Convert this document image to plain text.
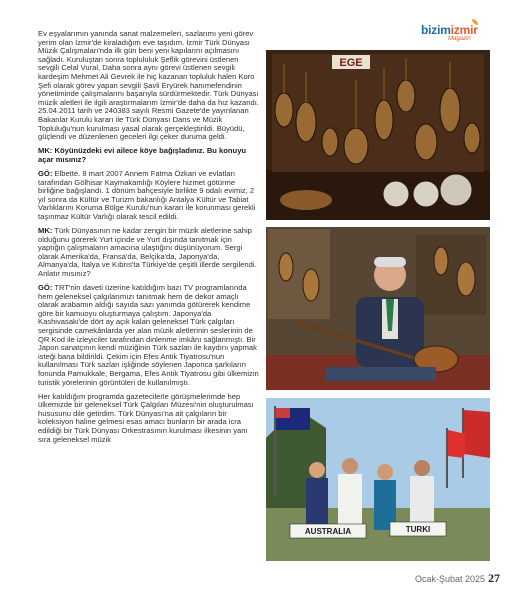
bizimizmir
Magazin

Ev eşyalarımın yanında sanat malzemeleri, sazlarımı yeni görev yerim olan İzmir'de kiraladığım eve taşıdım. İzmir Türk Dünyası Müzik Çalışmaları'nda ilk gün beni yeni kapılarını açılmasını sağladı. Kuruluştan sonra toplululuk Şeflik görevini üstlenen sevgili Celal Vural, Daha sonra aynı görevi üstlenen sevgili kardeşim Mehmet Ali Gevrek ile hiç kazanan topluluk halen Koro Şefi olarak görev yapan sevgili Şavli Eryürek hanımefendinin yönetiminde çalışmalarını başarıyla sürdürmektedir. Türk Dünyası müzik aletleri ile ilgili araştırmalarım İzmir'de daha da hız kazandı. 25.04.2011 tarih ve 240383 sayılı Resmi Gazete'de yayınlanan Bakanlar Kurulu kararı ile Türk Dünyası Dans ve Müzik Topluluğu'nun kurulması yasal olarak gerçekleştirildi. Büyüdü, güçlendi ve düzenlenen geceleri ilgi çeker duruma geldi.

MK: Köyünüzdeki evi ailece köye bağışladınız. Bu konuyu açar mısınız?

GÖ: Elbette. 8 mart 2007 Annem Fatma Özkan ve evlatları tarafından Gölhisar Kaymakamlığı Köylere hizmet götürme birliğine bağışlandı. 1 dönüm bahçesiyle birlikte 9 odalı evimiz, 2 yıl sonra da Kültür ve Turizm bakanlığı Antalya Kültür ve Tabiat Varlıklarını Koruma Bölge Kurulu'nun kararı ile korunması gerekli taşınmaz Kültür Varlığı olarak tescil edildi.

MK: Türk Dünyasının ne kadar zengin bir müzik aletlerine sahip olduğunu görerek Yurt içinde ve Yurt dışında tanıtmak için yaptığın çalışmaların amacına ulaştığını düşünüyorum. Sergi olarak Amerika'da, Fransa'da, Belçika'da, Japonya'da, Almanya'da, İtalya ve Kıbrıs'ta Türkiye'de çeşitli illerde sergilendi. Anlatır mısınız?

GÖ: TRT'nin daveti üzerine katıldığım bazı TV programlarında hem geleneksel çalgılarımızı tanıtmak hem de dekor amaçlı olarak arabamın aldığı sayıda sazı yanımda götürerek kendime göre bir kamuoyu oluşturmaya çalıştım. Japonya'da Kashivasaki'de dört ay açık kalan geleneksel Türk çalgıları sergisinde camekânlarda yer alan müzik aletlerinin seslerinin de QR Kod ile izleyiciler tarafından dinlenme imkânı sağlanmıştı. Bir Japon sanatçının kendi müziğinin Türk sazları ile kaydını yapmak isteği bana bildirildi. Çekim için Efes Antik Tiyatrosu'nun kullanılması Türk sazları işliğinde söylenen Japonca şarkıların fonunda Pamukkale, Bergama, Efes Antik Tiyatrosu gibi ülkemizin turistik yörelerinin görüntüleri de kullanılmıştı.

Her katıldığım programda gazetecilerle görüşmelerimde hep ülkemizde bir geleneksel Türk Çalgıları Müzesi'nin oluşturulması hususunu dile getirdim. Türk Dünyası'na ait çalgıların bir koleksiyon haline gelmesi esas amacı bunların bir arada icra edildiği bir Türk Dünyası Orkestrasının kurulması ilkesinin yanı sıra geleneksel müzik

EGE
AUSTRALIA	TURKI
Ocak-Şubat 2025 27
